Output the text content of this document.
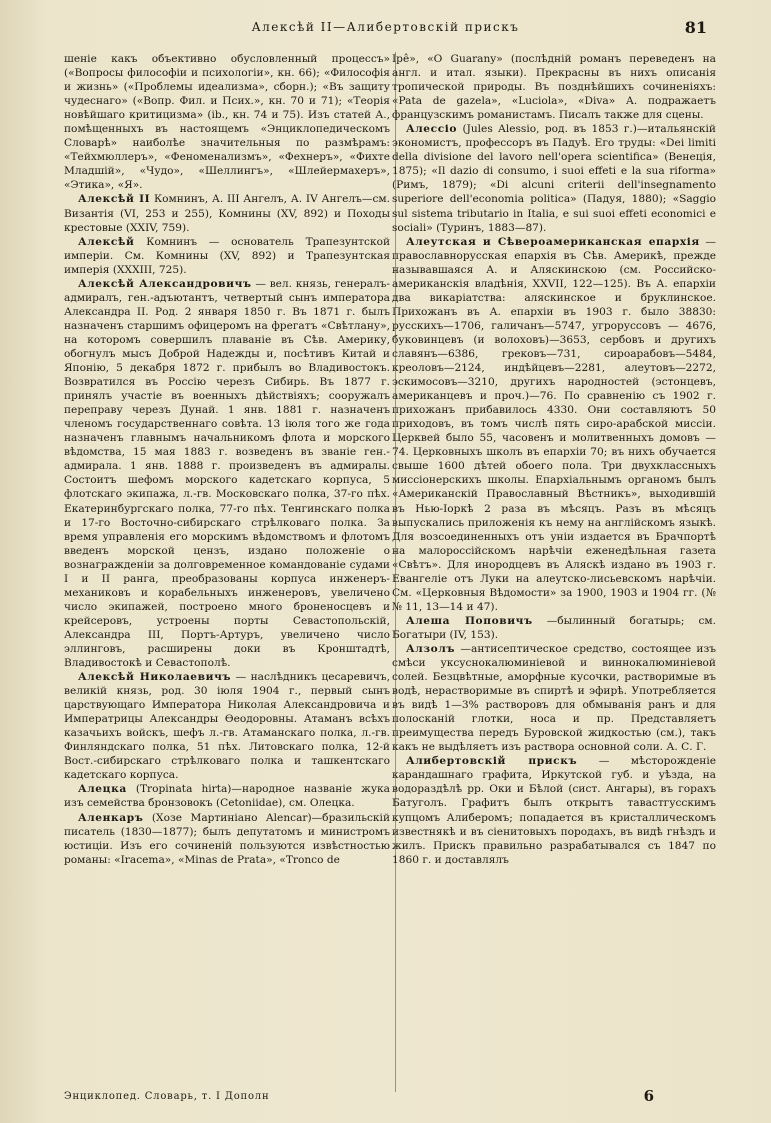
Алексѣй II—Алибертовскій прискъ	81

шеніе какъ объективно обусловленный процессъ» («Вопросы философіи и психологіи», кн. 66); «Философія и жизнь» («Проблемы идеализма», сборн.); «Въ защиту чудеснаго» («Вопр. Фил. и Псих.», кн. 70 и 71); «Теорія новѣйшаго критицизма» (ib., кн. 74 и 75). Изъ статей А., помѣщенныхъ въ настоящемъ «Энциклопедическомъ Словарѣ» наиболѣе значительныя по размѣрамъ: «Тейхмюллеръ», «Феноменализмъ», «Фехнеръ», «Фихте Младшій», «Чудо», «Шеллингъ», «Шлейермахеръ», «Этика», «Я».

Алексѣй II Комнинъ, А. III Ангелъ, А. IV Ангелъ—см. Византія (VI, 253 и 255), Комнины (XV, 892) и Походы крестовые (XXIV, 759).

Алексѣй Комнинъ — основатель Трапезунтской имперіи. См. Комнины (XV, 892) и Трапезунтская имперія (XXXIII, 725).

Алексѣй Александровичъ — вел. князь, генералъ-адмиралъ, ген.-адъютантъ, четвертый сынъ императора Александра II. Род. 2 января 1850 г. Въ 1871 г. былъ назначенъ старшимъ офицеромъ на фрегатъ «Свѣтлану», на которомъ совершилъ плаваніе въ Сѣв. Америку, обогнулъ мысъ Доброй Надежды и, посѣтивъ Китай и Японію, 5 декабря 1872 г. прибылъ во Владивостокъ. Возвратился въ Россію черезъ Сибирь. Въ 1877 г. принялъ участіе въ военныхъ дѣйствіяхъ; сооружалъ переправу черезъ Дунай. 1 янв. 1881 г. назначенъ членомъ государственнаго совѣта. 13 іюля того же года назначенъ главнымъ начальникомъ флота и морского вѣдомства, 15 мая 1883 г. возведенъ въ званіе ген.-адмирала. 1 янв. 1888 г. произведенъ въ адмиралы. Состоитъ шефомъ морского кадетскаго корпуса, 5 флотскаго экипажа, л.-гв. Московскаго полка, 37-го пѣх. Екатеринбургскаго полка, 77-го пѣх. Тенгинскаго полка и 17-го Восточно-сибирскаго стрѣлковаго полка. За время управленія его морскимъ вѣдомствомъ и флотомъ введенъ морской цензъ, издано положеніе о вознагражденіи за долговременное командованіе судами I и II ранга, преобразованы корпуса инженеръ-механиковъ и корабельныхъ инженеровъ, увеличено число экипажей, построено много броненосцевъ и крейсеровъ, устроены порты Севастопольскій, Александра III, Портъ-Артуръ, увеличено число эллинговъ, расширены доки въ Кронштадтѣ, Владивостокѣ и Севастополѣ.

Алексѣй Николаевичъ — наслѣдникъ цесаревичъ, великій князь, род. 30 іюля 1904 г., первый сынъ царствующаго Императора Николая Александровича и Императрицы Александры Ѳеодоровны. Атаманъ всѣхъ казачьихъ войскъ, шефъ л.-гв. Атаманскаго полка, л.-гв. Финляндскаго полка, 51 пѣх. Литовскаго полка, 12-й Вост.-сибирскаго стрѣлковаго полка и ташкентскаго кадетскаго корпуса.

Алецка (Tropinata hirta)—народное названіе жука изъ семейства бронзовокъ (Cetoniidae), см. Олецка.

Аленкаръ (Хозе Мартиніано Alencar)—бразильскій писатель (1830—1877); былъ депутатомъ и министромъ юстиціи. Изъ его сочиненій пользуются извѣстностью романы: «Iracema», «Minas de Prata», «Tronco de

Ipê», «O Guarany» (послѣдній романъ переведенъ на англ. и итал. языки). Прекрасны въ нихъ описанія тропической природы. Въ позднѣйшихъ сочиненіяхъ: «Pata de gazela», «Luciola», «Diva» А. подражаетъ французскимъ романистамъ. Писалъ также для сцены.

Алессіо (Jules Alessio, род. въ 1853 г.)—итальянскій экономистъ, профессоръ въ Падуѣ. Его труды: «Dei limiti della divisione del lavoro nell'opera scientifica» (Венеція, 1875); «Il dazio di consumo, i suoi effeti e la sua riforma» (Римъ, 1879); «Di alcuni criterii dell'insegnamento superiore dell'economia politica» (Падуя, 1880); «Saggio sul sistema tributario in Italia, e sui suoi effeti economici e sociali» (Туринъ, 1883—87).

Алеутская и Сѣвероамериканская епархія —православнорусская епархія въ Сѣв. Америкѣ, прежде называвшаяся А. и Аляскинскою (см. Российско-американскія владѣнія, XXVII, 122—125). Въ А. епархіи два викаріатства: аляскинское и бруклинское. Прихожанъ въ А. епархіи въ 1903 г. было 38830: русскихъ—1706, галичанъ—5747, угроруссовъ — 4676, буковинцевъ (и волоховъ)—3653, сербовъ и другихъ славянъ—6386, грековъ—731, сироарабовъ—5484, креоловъ—2124, индѣйцевъ—2281, алеутовъ—2272, эскимосовъ—3210, другихъ народностей (эстонцевъ, американцевъ и проч.)—76. По сравненію съ 1902 г. прихожанъ прибавилось 4330. Они составляютъ 50 приходовъ, въ томъ числѣ пять сиро-арабской миссіи. Церквей было 55, часовенъ и молитвенныхъ домовъ — 74. Церковныхъ школъ въ епархіи 70; въ нихъ обучается свыше 1600 дѣтей обоего пола. Три двухклассныхъ миссіонерскихъ школы. Епархіальнымъ органомъ былъ «Американскій Православный Вѣстникъ», выходившій въ Нью-Іоркѣ 2 раза въ мѣсяцъ. Разъ въ мѣсяцъ выпускались приложенія къ нему на англійскомъ языкѣ. Для возсоединенныхъ отъ уніи издается въ Брачпортѣ на малороссійскомъ нарѣчіи еженедѣльная газета «Свѣтъ». Для инородцевъ въ Аляскѣ издано въ 1903 г. Евангеліе отъ Луки на алеутско-лисьевскомъ нарѣчіи. См. «Церковныя Вѣдомости» за 1900, 1903 и 1904 гг. (№№ 11, 13—14 и 47).

Алеша Поповичъ —былинный богатырь; см. Богатыри (IV, 153).

Алзолъ —антисептическое средство, состоящее изъ смѣси уксуснокалюминіевой и виннокалюминіевой солей. Безцвѣтные, аморфные кусочки, растворимые въ водѣ, нерастворимые въ спиртѣ и эфирѣ. Употребляется въ видѣ 1—3% растворовъ для обмыванія ранъ и для полосканій глотки, носа и пр. Представляетъ преимущества передъ Буровской жидкостью (см.), такъ какъ не выдѣляетъ изъ раствора основной соли. А. С. Г.

Алибертовскій прискъ — мѣсторожденіе карандашнаго графита, Иркутской губ. и уѣзда, на водораздѣлѣ рр. Оки и Бѣлой (сист. Ангары), въ горахъ Батуголъ. Графитъ былъ открытъ тавастгусскимъ купцомъ Алиберомъ; попадается въ кристаллическомъ известнякѣ и въ сіенитовыхъ породахъ, въ видѣ гнѣздъ и жилъ. Прискъ правильно разрабатывался съ 1847 по 1860 г. и доставлялъ

Энциклопед. Словарь, т. I Дополн	6
